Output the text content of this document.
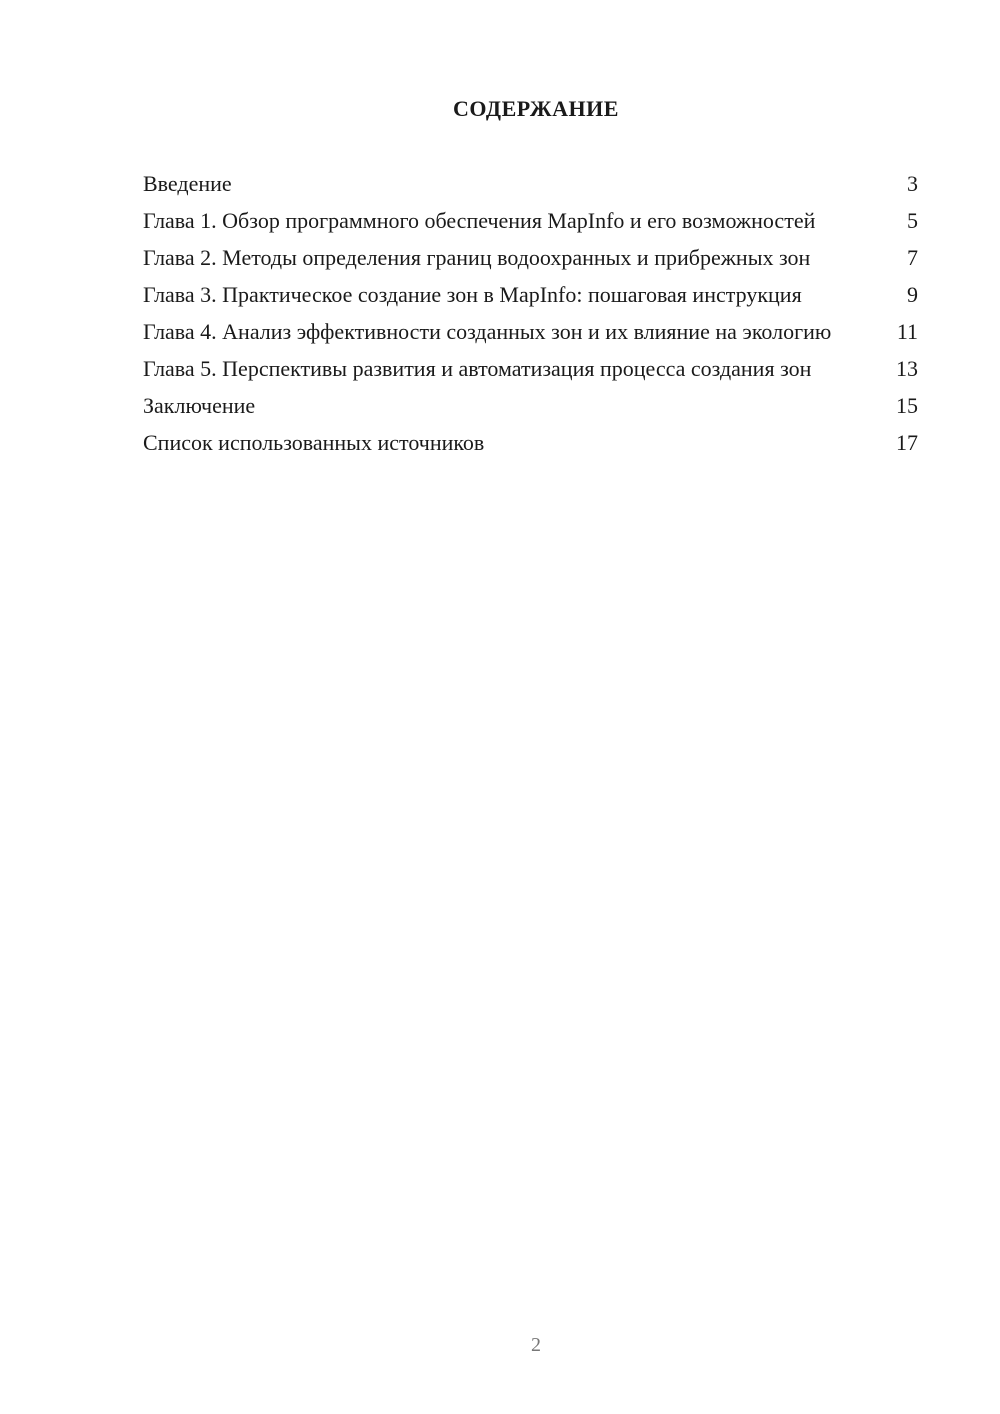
СОДЕРЖАНИЕ
Введение	3
Глава 1. Обзор программного обеспечения MapInfo и его возможностей	5
Глава 2. Методы определения границ водоохранных и прибрежных зон	7
Глава 3. Практическое создание зон в MapInfo: пошаговая инструкция	9
Глава 4. Анализ эффективности созданных зон и их влияние на экологию	11
Глава 5. Перспективы развития и автоматизация процесса создания зон	13
Заключение	15
Список использованных источников	17
2
